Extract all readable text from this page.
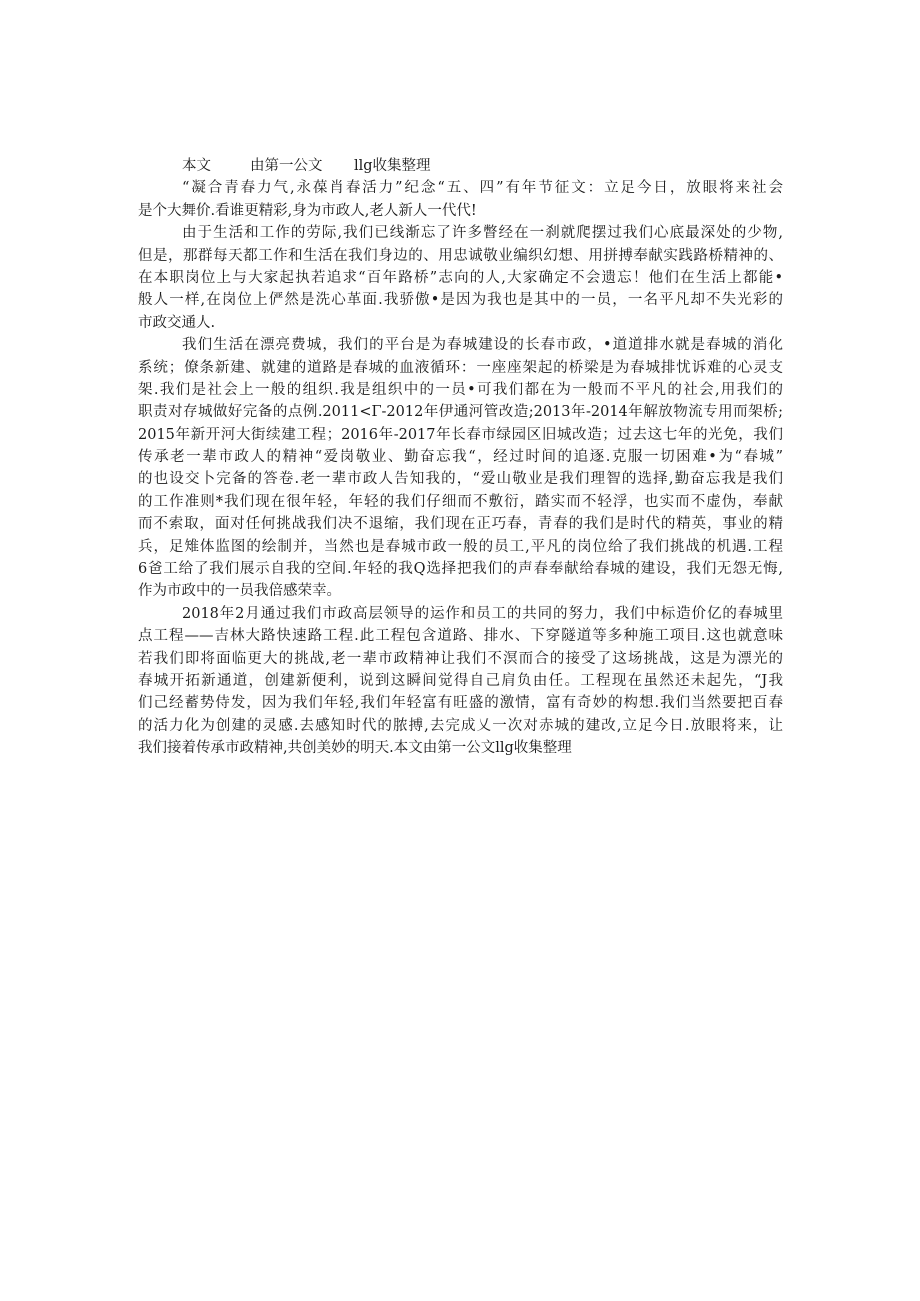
本文	由第一公文 llg收集整理
“凝合青春力气,永葆肖春活力”纪念“五、四”有年节征文：立足今日，放眼将来社会
是个大舞价.看谁更精彩,身为市政人,老人新人一代代!
由于生活和工作的劳际,我们已线渐忘了许多瞥经在一刹就爬摆过我们心底最深处的少物,
但是，那群每天都工作和生活在我们身边的、用忠诚敬业编织幻想、用拼搏奉献实践路桥精神的、
在本职岗位上与大家起执若追求“百年路桥”志向的人,大家确定不会遗忘！他们在生活上都能•
般人一样,在岗位上俨然是洗心革面.我骄傲•是因为我也是其中的一员，一名平凡却不失光彩的
市政交通人.
我们生活在漂亮费城，我们的平台是为春城建设的长春市政，•道道排水就是春城的消化
系统；僚条新建、就建的道路是春城的血液循环：一座座架起的桥梁是为春城排忧诉难的心灵支
架.我们是社会上一般的组织.我是组织中的一员•可我们都在为一般而不平凡的社会,用我们的
职责对存城做好完备的点例.2011<Γ-2012年伊通河管改造;2013年-2014年解放物流专用而架桥;
2015年新开河大街续建工程；2016年-2017年长春市绿园区旧城改造；过去这七年的光免，我们
传承老一辈市政人的精神“爱岗敬业、勤奋忘我“，经过时间的追逐.克服一切困难•为“春城”
的也设交卜完备的答卷.老一辈市政人告知我的，“爱山敬业是我们理智的选择,勤奋忘我是我们
的工作准则*我们现在很年轻，年轻的我们仔细而不敷衍，踏实而不轻浮，也实而不虚伪，奉献
而不索取，面对任何挑战我们决不退缩，我们现在正巧春，青春的我们是时代的精英，事业的精
兵，足雉体监图的绘制并，当然也是春城市政一般的员工,平凡的岗位给了我们挑战的机遇.工程
6爸工给了我们展示自我的空间.年轻的我Q选择把我们的声春奉献给春城的建设，我们无怨无悔,
作为市政中的一员我倍感荣幸。
2018年2月通过我们市政高层领导的运作和员工的共同的努力，我们中标造价亿的春城里
点工程——吉林大路快速路工程.此工程包含道路、排水、下穿隧道等多种施工项目.这也就意味
若我们即将面临更大的挑战,老一辈市政精神让我们不溟而合的接受了这场挑战，这是为漂光的
春城开拓新通道，创建新便利，说到这瞬间觉得自己肩负由任。工程现在虽然还未起先，“J我
们己经蓄势侍发，因为我们年轻,我们年轻富有旺盛的激情，富有奇妙的构想.我们当然要把百春
的活力化为创建的灵感.去感知时代的脓搏,去完成乂一次对赤城的建改,立足今日.放眼将来，让
我们接着传承市政精神,共创美妙的明天.本文由第一公文llg收集整理
